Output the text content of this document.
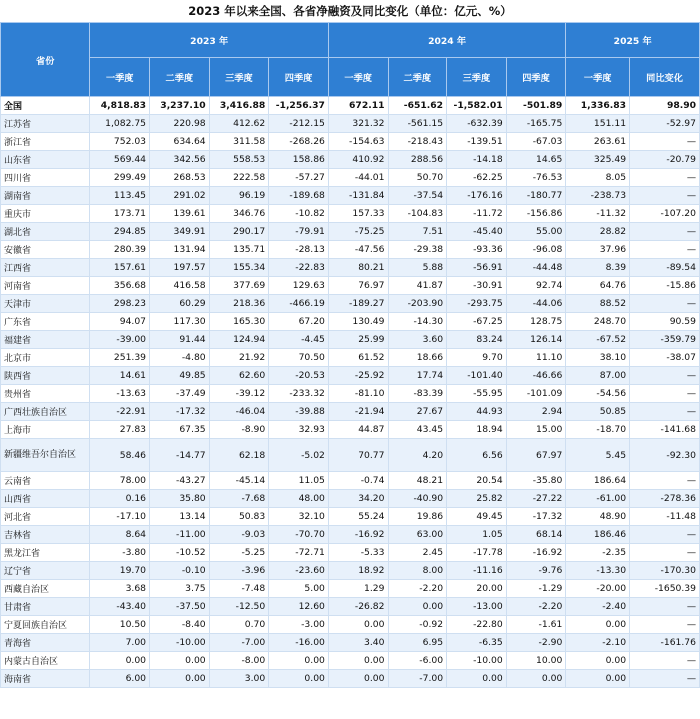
2023 年以来全国、各省净融资及同比变化（单位：亿元、%）
省份	2023 年				2024 年				2025 年	
	一季度	二季度	三季度	四季度	一季度	二季度	三季度	四季度	一季度	同比变化
全国	4,818.83	3,237.10	3,416.88	-1,256.37	672.11	-651.62	-1,582.01	-501.89	1,336.83	98.90
江苏省	1,082.75	220.98	412.62	-212.15	321.32	-561.15	-632.39	-165.75	151.11	-52.97
浙江省	752.03	634.64	311.58	-268.26	-154.63	-218.43	-139.51	-67.03	263.61	—
山东省	569.44	342.56	558.53	158.86	410.92	288.56	-14.18	14.65	325.49	-20.79
四川省	299.49	268.53	222.58	-57.27	-44.01	50.70	-62.25	-76.53	8.05	—
湖南省	113.45	291.02	96.19	-189.68	-131.84	-37.54	-176.16	-180.77	-238.73	—
重庆市	173.71	139.61	346.76	-10.82	157.33	-104.83	-11.72	-156.86	-11.32	-107.20
湖北省	294.85	349.91	290.17	-79.91	-75.25	7.51	-45.40	55.00	28.82	—
安徽省	280.39	131.94	135.71	-28.13	-47.56	-29.38	-93.36	-96.08	37.96	—
江西省	157.61	197.57	155.34	-22.83	80.21	5.88	-56.91	-44.48	8.39	-89.54
河南省	356.68	416.58	377.69	129.63	76.97	41.87	-30.91	92.74	64.76	-15.86
天津市	298.23	60.29	218.36	-466.19	-189.27	-203.90	-293.75	-44.06	88.52	—
广东省	94.07	117.30	165.30	67.20	130.49	-14.30	-67.25	128.75	248.70	90.59
福建省	-39.00	91.44	124.94	-4.45	25.99	3.60	83.24	126.14	-67.52	-359.79
北京市	251.39	-4.80	21.92	70.50	61.52	18.66	9.70	11.10	38.10	-38.07
陕西省	14.61	49.85	62.60	-20.53	-25.92	17.74	-101.40	-46.66	87.00	—
贵州省	-13.63	-37.49	-39.12	-233.32	-81.10	-83.39	-55.95	-101.09	-54.56	—
广西壮族自治区	-22.91	-17.32	-46.04	-39.88	-21.94	27.67	44.93	2.94	50.85	—
上海市	27.83	67.35	-8.90	32.93	44.87	43.45	18.94	15.00	-18.70	-141.68
新疆维吾尔自治区	58.46	-14.77	62.18	-5.02	70.77	4.20	6.56	67.97	5.45	-92.30
云南省	78.00	-43.27	-45.14	11.05	-0.74	48.21	20.54	-35.80	186.64	—
山西省	0.16	35.80	-7.68	48.00	34.20	-40.90	25.82	-27.22	-61.00	-278.36
河北省	-17.10	13.14	50.83	32.10	55.24	19.86	49.45	-17.32	48.90	-11.48
吉林省	8.64	-11.00	-9.03	-70.70	-16.92	63.00	1.05	68.14	186.46	—
黑龙江省	-3.80	-10.52	-5.25	-72.71	-5.33	2.45	-17.78	-16.92	-2.35	—
辽宁省	19.70	-0.10	-3.96	-23.60	18.92	8.00	-11.16	-9.76	-13.30	-170.30
西藏自治区	3.68	3.75	-7.48	5.00	1.29	-2.20	20.00	-1.29	-20.00	-1650.39
甘肃省	-43.40	-37.50	-12.50	12.60	-26.82	0.00	-13.00	-2.20	-2.40	—
宁夏回族自治区	10.50	-8.40	0.70	-3.00	0.00	-0.92	-22.80	-1.61	0.00	—
青海省	7.00	-10.00	-7.00	-16.00	3.40	6.95	-6.35	-2.90	-2.10	-161.76
内蒙古自治区	0.00	0.00	-8.00	0.00	0.00	-6.00	-10.00	10.00	0.00	—
海南省	6.00	0.00	3.00	0.00	0.00	-7.00	0.00	0.00	0.00	—
